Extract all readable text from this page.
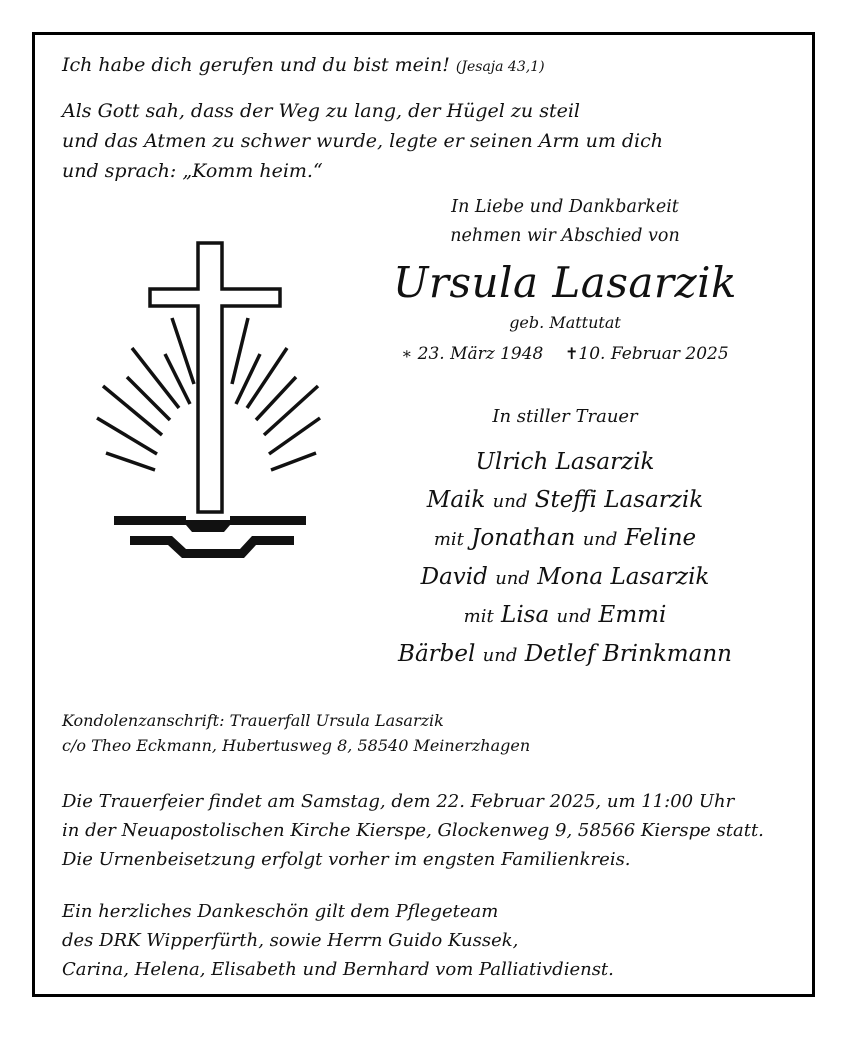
Ich habe dich gerufen und du bist mein! (Jesaja 43,1)
Als Gott sah, dass der Weg zu lang, der Hügel zu steil
und das Atmen zu schwer wurde, legte er seinen Arm um dich
und sprach: „Komm heim.“
In Liebe und Dankbarkeit
nehmen wir Abschied von
Ursula Lasarzik
geb. Mattutat
∗ 23. März 1948 ✝10. Februar 2025
In stiller Trauer
Ulrich Lasarzik
Maik und Steffi Lasarzik
mit Jonathan und Feline
David und Mona Lasarzik
mit Lisa und Emmi
Bärbel und Detlef Brinkmann
Kondolenzanschrift: Trauerfall Ursula Lasarzik
c/o Theo Eckmann, Hubertusweg 8, 58540 Meinerzhagen
Die Trauerfeier findet am Samstag, dem 22. Februar 2025, um 11:00 Uhr
in der Neuapostolischen Kirche Kierspe, Glockenweg 9, 58566 Kierspe statt.
Die Urnenbeisetzung erfolgt vorher im engsten Familienkreis.
Ein herzliches Dankeschön gilt dem Pflegeteam
des DRK Wipperfürth, sowie Herrn Guido Kussek,
Carina, Helena, Elisabeth und Bernhard vom Palliativdienst.
